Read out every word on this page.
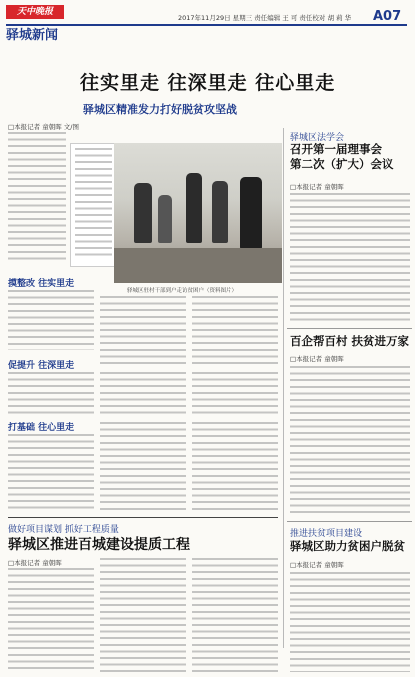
天中晚报
2017年11月29日 星期三 责任编辑 王 可 责任校对 胡 莉 华 A07
驿城新闻
往实里走 往深里走 往心里走
驿城区精准发力打好脱贫攻坚战
□本报记者 童朝晖 文/图
驿城区驻村干部到户走访贫困户（资料图片）
摸整改 往实里走
促提升 往深里走
打基础 往心里走
做好项目谋划 抓好工程质量
驿城区推进百城建设提质工程
□本报记者 童朝晖
驿城区法学会
召开第一届理事会
第二次（扩大）会议
□本报记者 童朝晖
百企帮百村 扶贫进万家
□本报记者 童朝晖
推进扶贫项目建设
驿城区助力贫困户脱贫
□本报记者 童朝晖
